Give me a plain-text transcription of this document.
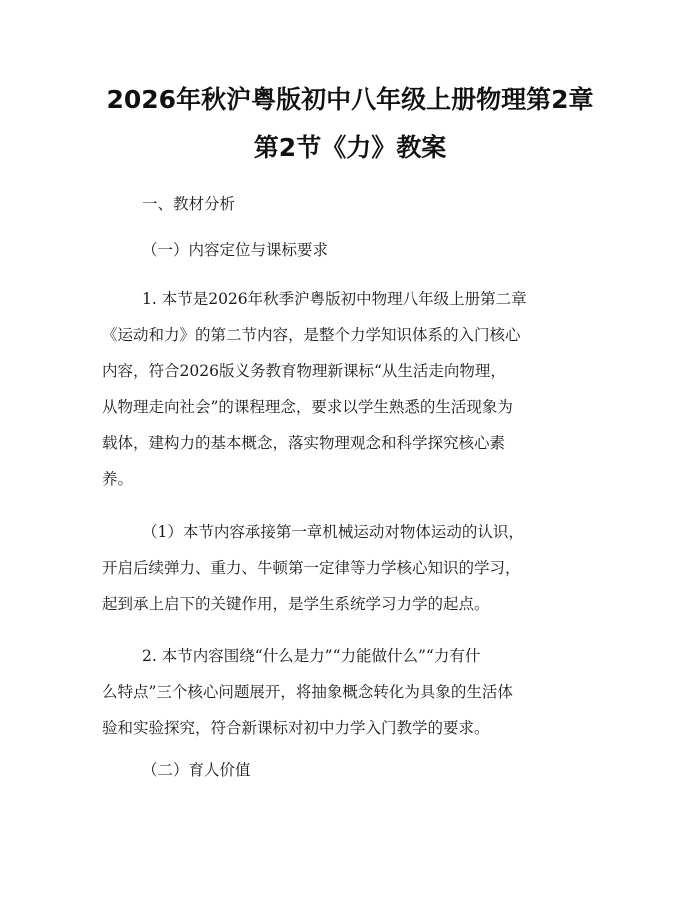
2026年秋沪粤版初中八年级上册物理第2章
第2节《力》教案
一、教材分析
（一）内容定位与课标要求
1. 本节是2026年秋季沪粤版初中物理八年级上册第二章
《运动和力》的第二节内容，是整个力学知识体系的入门核心
内容，符合2026版义务教育物理新课标“从生活走向物理，
从物理走向社会”的课程理念，要求以学生熟悉的生活现象为
载体，建构力的基本概念，落实物理观念和科学探究核心素
养。
（1）本节内容承接第一章机械运动对物体运动的认识，
开启后续弹力、重力、牛顿第一定律等力学核心知识的学习，
起到承上启下的关键作用，是学生系统学习力学的起点。
2. 本节内容围绕“什么是力”“力能做什么”“力有什
么特点”三个核心问题展开，将抽象概念转化为具象的生活体
验和实验探究，符合新课标对初中力学入门教学的要求。
（二）育人价值
